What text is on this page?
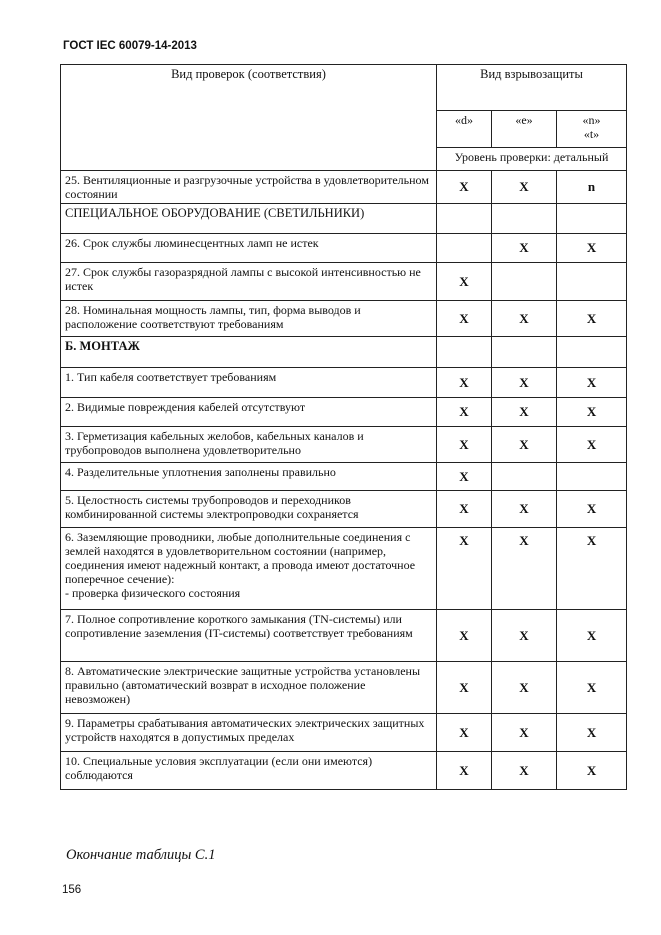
ГОСТ IEC 60079-14-2013
Вид проверок (соответствия)	Вид взрывозащиты		
	«d»	«e»	«n»
«t»
	Уровень проверки: детальный		
25. Вентиляционные и разгрузочные устройства в удовлетворительном состоянии	X	X	n
СПЕЦИАЛЬНОЕ ОБОРУДОВАНИЕ (СВЕТИЛЬНИКИ)			
26. Срок службы люминесцентных ламп не истек		X	X
27. Срок службы газоразрядной лампы с высокой интенсивностью не истек	X		
28. Номинальная мощность лампы, тип, форма выводов и расположение соответствуют требованиям	X	X	X
Б. МОНТАЖ			
1. Тип кабеля соответствует требованиям	X	X	X
2. Видимые повреждения кабелей отсутствуют	X	X	X
3. Герметизация кабельных желобов, кабельных каналов и трубопроводов выполнена удовлетворительно	X	X	X
4. Разделительные уплотнения заполнены правильно	X		
5. Целостность системы трубопроводов и переходников комбинированной системы электропроводки сохраняется	X	X	X
6. Заземляющие проводники, любые дополнительные соединения с землей находятся в удовлетворительном состоянии (например, соединения имеют надежный контакт, а провода имеют достаточное поперечное сечение):
- проверка физического состояния	X	X	X
7. Полное сопротивление короткого замыкания (TN-системы) или сопротивление заземления (IT-системы) соответствует требованиям	X	X	X
8. Автоматические электрические защитные устройства установлены правильно (автоматический возврат в исходное положение невозможен)	X	X	X
9. Параметры срабатывания автоматических электрических защитных устройств находятся в допустимых пределах	X	X	X
10. Специальные условия эксплуатации (если они имеются) соблюдаются	X	X	X
Окончание таблицы С.1
156
